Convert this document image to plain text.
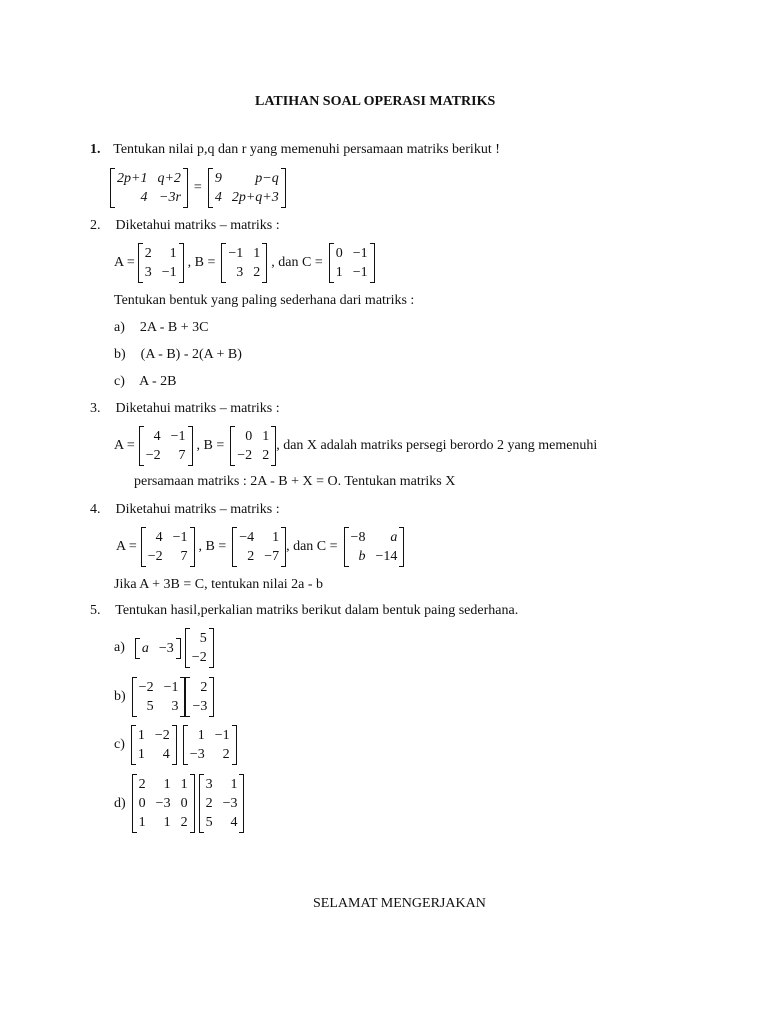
LATIHAN SOAL OPERASI MATRIKS
1. Tentukan nilai p,q dan r yang memenuhi persamaan matriks berikut !
2p+1 q+2
4 −3r
=
9	p−q
4 2p+q+3
2. Diketahui matriks – matriks :
A =
2	1
3 −1
, B =
−1 1
3 2
, dan C =
0 −1
1 −1
Tentukan bentuk yang paling sederhana dari matriks :
a) 2A - B + 3C
b) (A - B) - 2(A + B)
c) A - 2B
3. Diketahui matriks – matriks :
A =
4 −1
−2	7
, B =
0 1
−2 2
, dan X adalah matriks persegi berordo 2 yang memenuhi
persamaan matriks : 2A - B + X = O. Tentukan matriks X
4. Diketahui matriks – matriks :
A =
4 −1
−2	7
, B =
−4	1
2 −7
, dan C =
−8	a
b −14
Jika A + 3B = C, tentukan nilai 2a - b
5. Tentukan hasil,perkalian matriks berikut dalam bentuk paing sederhana.
a) a −3
5
−2
b)
−2 −1
5	3
2
−3
c)
1 −2
1	4
1 −1
−3	2
d)
2	1 1
0 −3 0
1	1 2
3	1
2 −3
5	4
SELAMAT MENGERJAKAN
